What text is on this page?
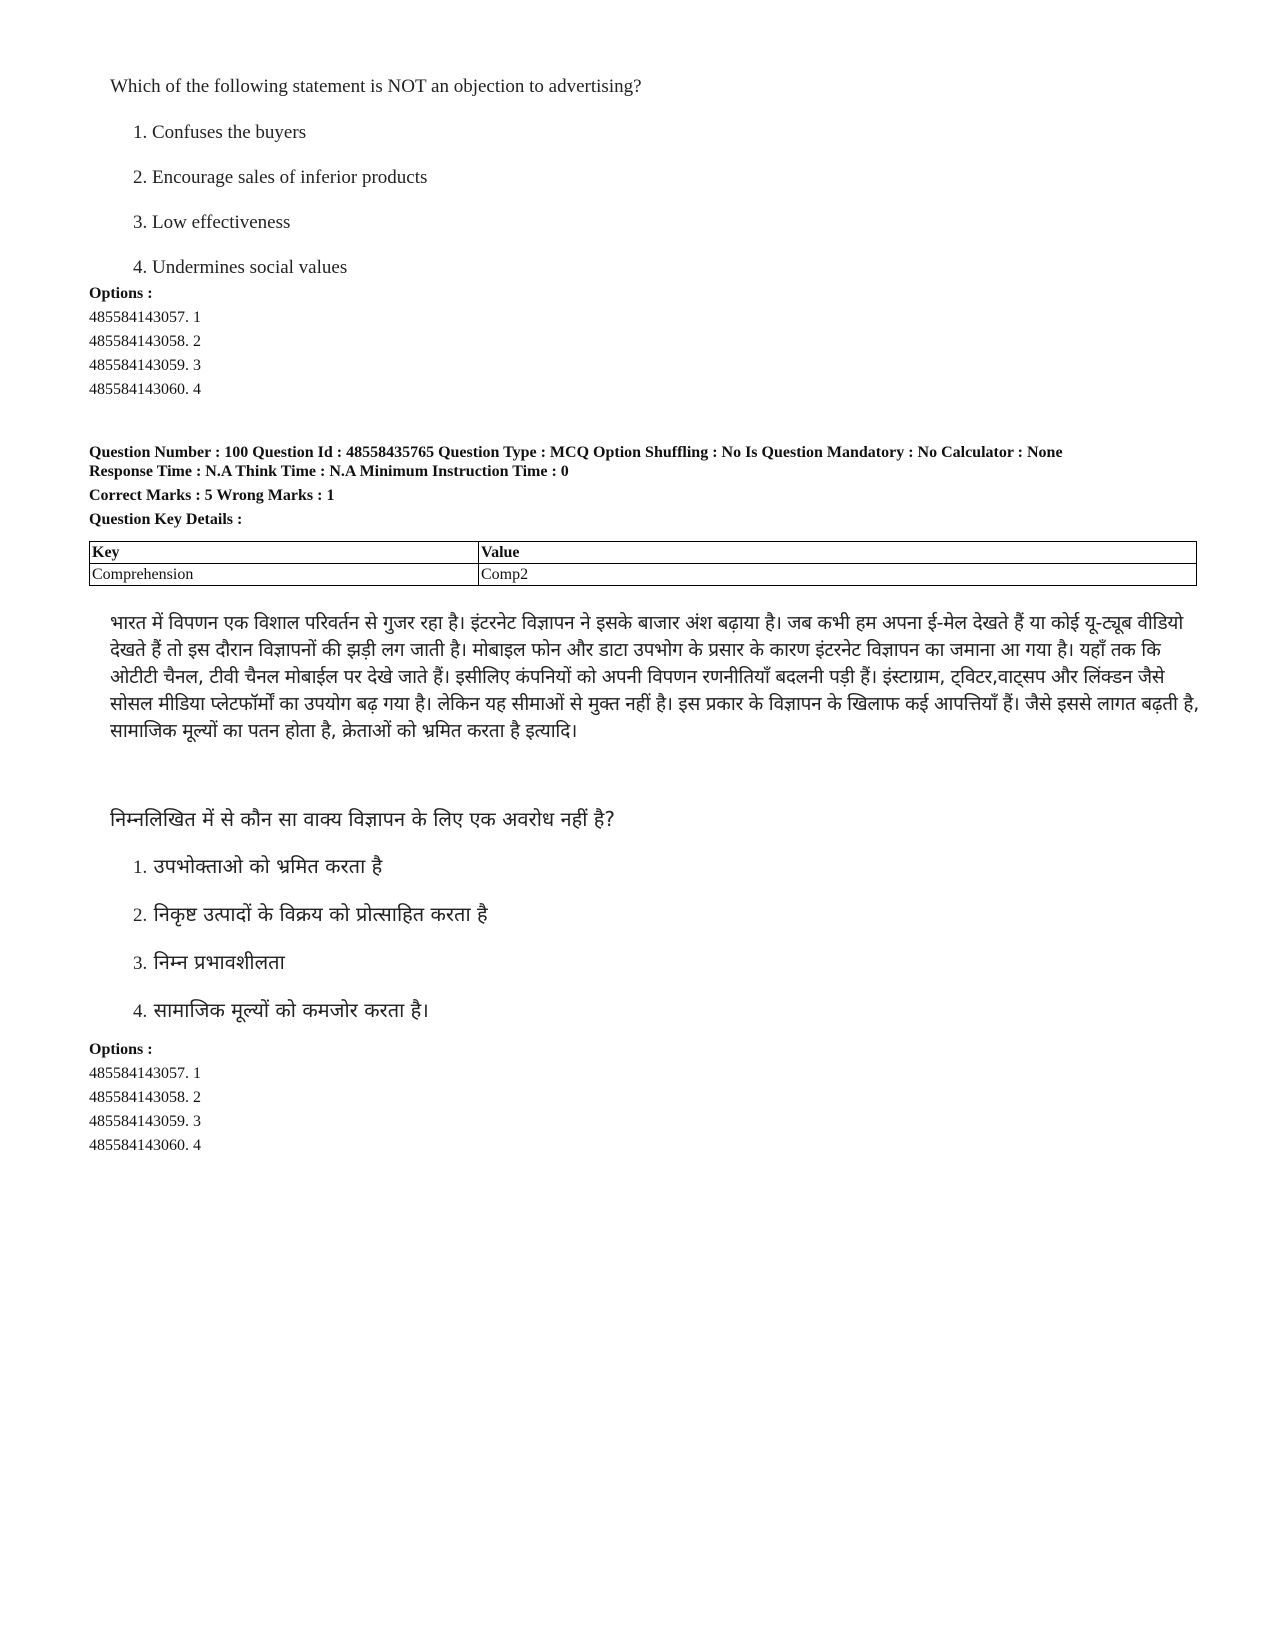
Which of the following statement is NOT an objection to advertising?
1. Confuses the buyers
2. Encourage sales of inferior products
3. Low effectiveness
4. Undermines social values
Options :
485584143057. 1
485584143058. 2
485584143059. 3
485584143060. 4
Question Number : 100 Question Id : 48558435765 Question Type : MCQ Option Shuffling : No Is Question Mandatory : No Calculator : None
Response Time : N.A Think Time : N.A Minimum Instruction Time : 0
Correct Marks : 5 Wrong Marks : 1
Question Key Details :
Key	Value
Comprehension	Comp2
भारत में विपणन एक विशाल परिवर्तन से गुजर रहा है। इंटरनेट विज्ञापन ने इसके बाजार अंश बढ़ाया है। जब कभी हम अपना ई-मेल देखते हैं या कोई यू-ट्यूब वीडियो देखते हैं तो इस दौरान विज्ञापनों की झड़ी लग जाती है। मोबाइल फोन और डाटा उपभोग के प्रसार के कारण इंटरनेट विज्ञापन का जमाना आ गया है। यहाँ तक कि ओटीटी चैनल, टीवी चैनल मोबाईल पर देखे जाते हैं। इसीलिए कंपनियों को अपनी विपणन रणनीतियाँ बदलनी पड़ी हैं। इंस्टाग्राम, ट्विटर,वाट्सप और लिंक्डन जैसे सोसल मीडिया प्लेटफॉर्मों का उपयोग बढ़ गया है। लेकिन यह सीमाओं से मुक्त नहीं है। इस प्रकार के विज्ञापन के खिलाफ कई आपत्तियाँ हैं। जैसे इससे लागत बढ़ती है, सामाजिक मूल्यों का पतन होता है, क्रेताओं को भ्रमित करता है इत्यादि।
निम्नलिखित में से कौन सा वाक्य विज्ञापन के लिए एक अवरोध नहीं है?
1. उपभोक्ताओ को भ्रमित करता है
2. निकृष्ट उत्पादों के विक्रय को प्रोत्साहित करता है
3. निम्न प्रभावशीलता
4. सामाजिक मूल्यों को कमजोर करता है।
Options :
485584143057. 1
485584143058. 2
485584143059. 3
485584143060. 4
